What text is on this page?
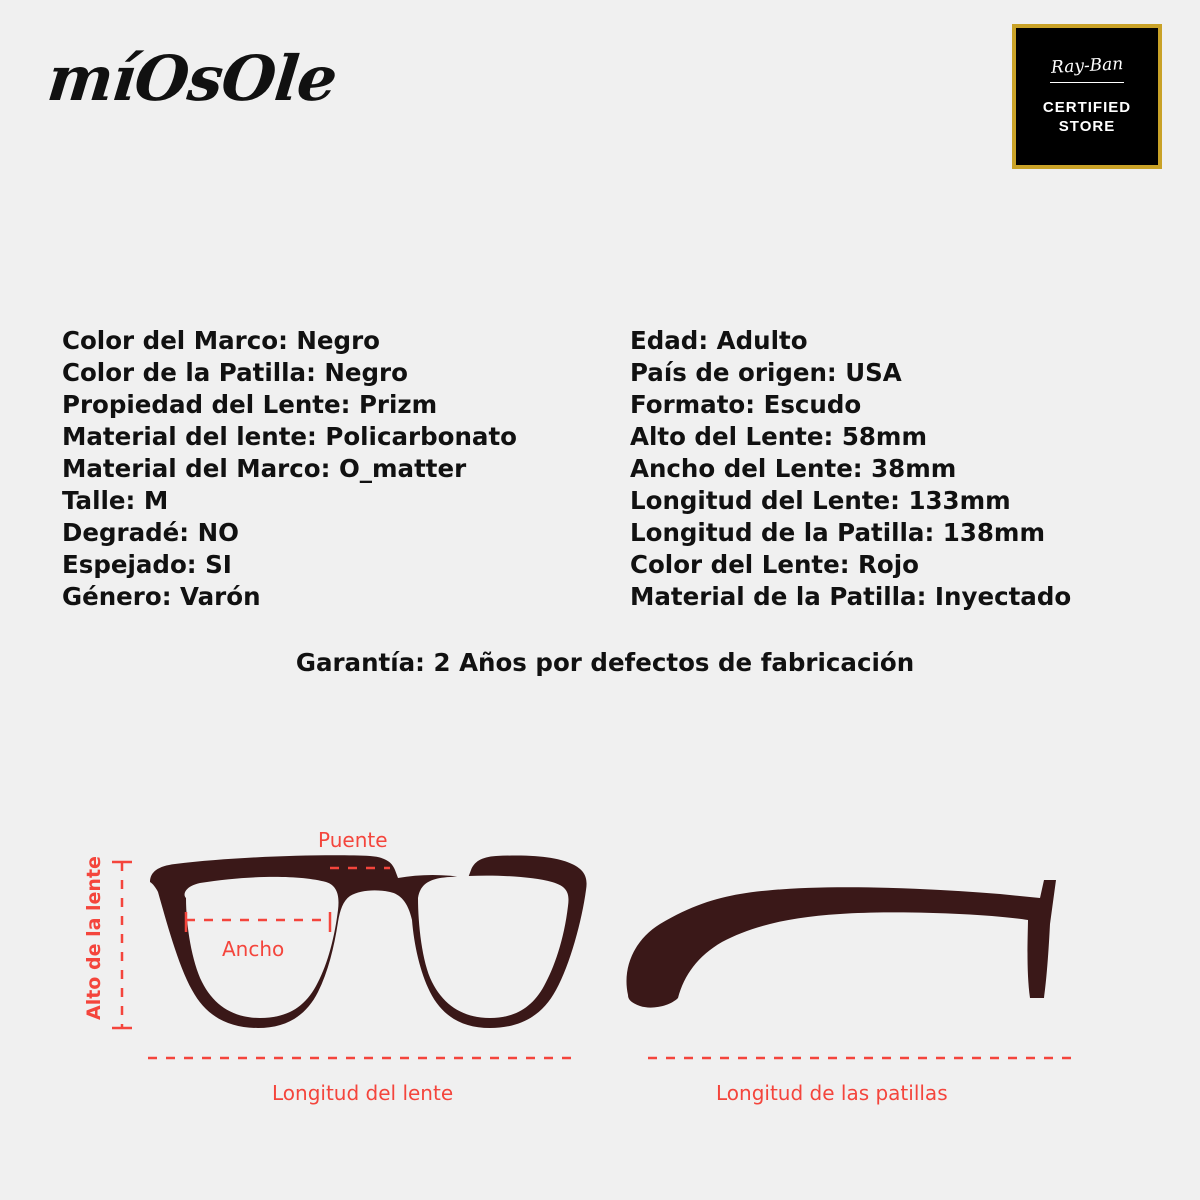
míOsOle	Ray-Ban
CERTIFIED
STORE
Color del Marco: Negro
Color de la Patilla: Negro
Propiedad del Lente: Prizm
Material del lente: Policarbonato
Material del Marco: O_matter
Talle: M
Degradé: NO
Espejado: SI
Género: Varón
Edad: Adulto
País de origen: USA
Formato: Escudo
Alto del Lente: 58mm
Ancho del Lente: 38mm
Longitud del Lente: 133mm
Longitud de la Patilla: 138mm
Color del Lente: Rojo
Material de la Patilla: Inyectado
Garantía: 2 Años por defectos de fabricación
Alto de la lente
Puente
Ancho
Longitud del lente	Longitud de las patillas
